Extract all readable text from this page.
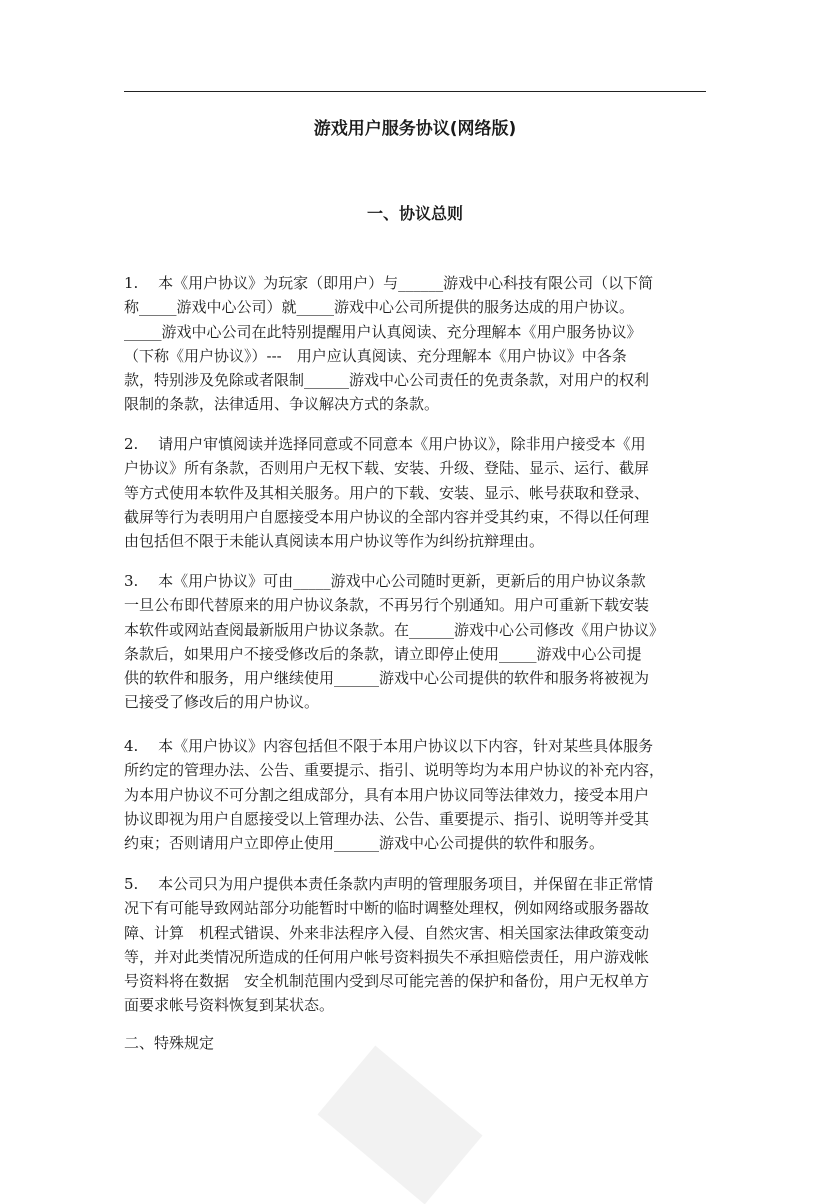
游戏用户服务协议(网络版)
一、协议总则
1.　 本《用户协议》为玩家（即用户）与______游戏中心科技有限公司（以下简
称_____游戏中心公司）就_____游戏中心公司所提供的服务达成的用户协议。
_____游戏中心公司在此特别提醒用户认真阅读、充分理解本《用户服务协议》
（下称《用户协议》）---　用户应认真阅读、充分理解本《用户协议》中各条
款，特别涉及免除或者限制______游戏中心公司责任的免责条款，对用户的权利
限制的条款，法律适用、争议解决方式的条款。
2.　 请用户审慎阅读并选择同意或不同意本《用户协议》，除非用户接受本《用
户协议》所有条款，否则用户无权下载、安装、升级、登陆、显示、运行、截屏
等方式使用本软件及其相关服务。用户的下载、安装、显示、帐号获取和登录、
截屏等行为表明用户自愿接受本用户协议的全部内容并受其约束，不得以任何理
由包括但不限于未能认真阅读本用户协议等作为纠纷抗辩理由。
3.　 本《用户协议》可由_____游戏中心公司随时更新，更新后的用户协议条款
一旦公布即代替原来的用户协议条款，不再另行个别通知。用户可重新下载安装
本软件或网站查阅最新版用户协议条款。在______游戏中心公司修改《用户协议》
条款后，如果用户不接受修改后的条款，请立即停止使用_____游戏中心公司提
供的软件和服务，用户继续使用______游戏中心公司提供的软件和服务将被视为
已接受了修改后的用户协议。
4.　 本《用户协议》内容包括但不限于本用户协议以下内容，针对某些具体服务
所约定的管理办法、公告、重要提示、指引、说明等均为本用户协议的补充内容，
为本用户协议不可分割之组成部分，具有本用户协议同等法律效力，接受本用户
协议即视为用户自愿接受以上管理办法、公告、重要提示、指引、说明等并受其
约束；否则请用户立即停止使用______游戏中心公司提供的软件和服务。
5.　 本公司只为用户提供本责任条款内声明的管理服务项目，并保留在非正常情
况下有可能导致网站部分功能暂时中断的临时调整处理权，例如网络或服务器故
障、计算　机程式错误、外来非法程序入侵、自然灾害、相关国家法律政策变动
等，并对此类情况所造成的任何用户帐号资料损失不承担赔偿责任，用户游戏帐
号资料将在数据　安全机制范围内受到尽可能完善的保护和备份，用户无权单方
面要求帐号资料恢复到某状态。
二、特殊规定
